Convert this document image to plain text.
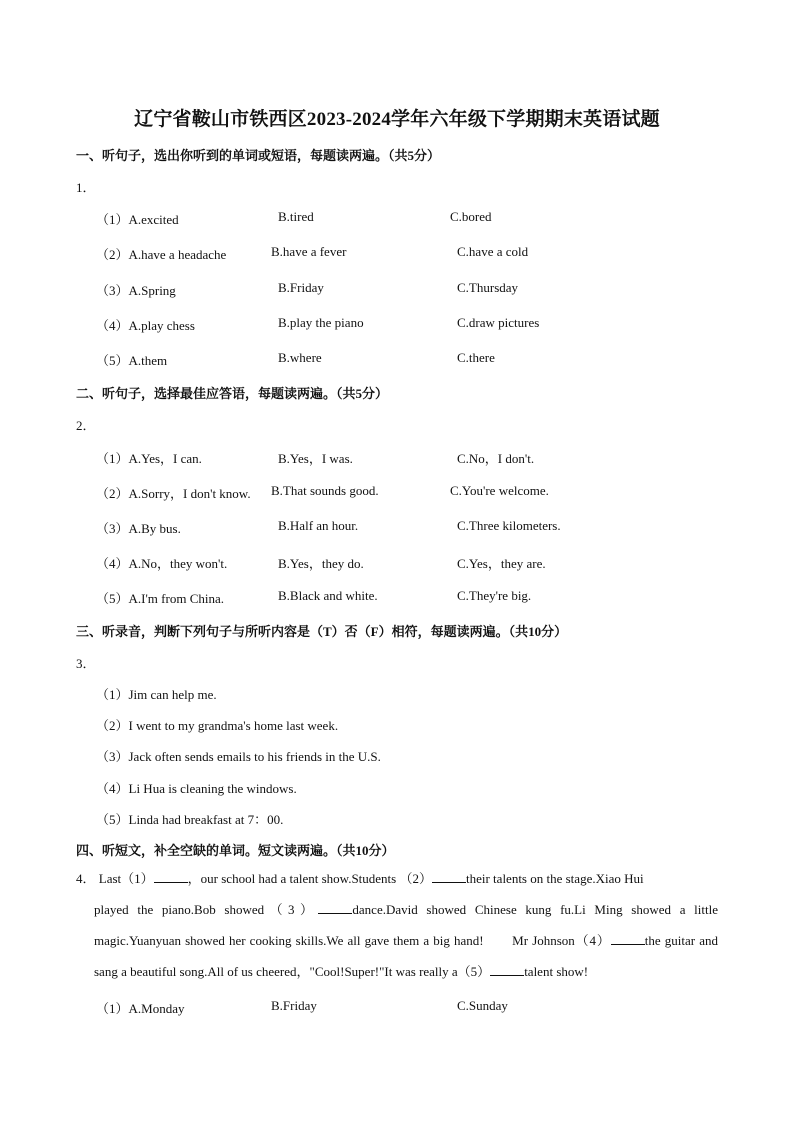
辽宁省鞍山市铁西区2023-2024学年六年级下学期期末英语试题
一、听句子，选出你听到的单词或短语，每题读两遍。（共5分）
1．
（1）A.excited	B.tired	C.bored
（2）A.have a headache	B.have a fever	C.have a cold
（3）A.Spring	B.Friday	C.Thursday
（4）A.play chess	B.play the piano	C.draw pictures
（5）A.them	B.where	C.there
二、听句子，选择最佳应答语，每题读两遍。（共5分）
2．
（1）A.Yes，I can.	B.Yes，I was.	C.No，I don't.
（2）A.Sorry，I don't know. B.That sounds good.	C.You're welcome.
（3）A.By bus.	B.Half an hour.	C.Three kilometers.
（4）A.No，they won't.	B.Yes，they do.	C.Yes，they are.
（5）A.I'm from China.	B.Black and white.	C.They're big.
三、听录音，判断下列句子与所听内容是（T）否（F）相符，每题读两遍。（共10分）
3．
（1）Jim can help me.
（2）I went to my grandma's home last week.
（3）Jack often sends emails to his friends in the U.S.
（4）Li Hua is cleaning the windows.
（5）Linda had breakfast at 7：00.
四、听短文，补全空缺的单词。短文读两遍。（共10分）
4． Last（1）	，our school had a talent show.Students （2）	their talents on the stage.Xiao Hui
played the piano.Bob showed（3）	dance.David showed Chinese kung fu.Li Ming showed a little magic.Yuanyuan showed her cooking skills.We all gave them a big hand!　　Mr Johnson（4）	the guitar and sang a beautiful song.All of us cheered，"Cool!Super!"It was really a（5）	talent show!
（1）A.Monday	B.Friday	C.Sunday
